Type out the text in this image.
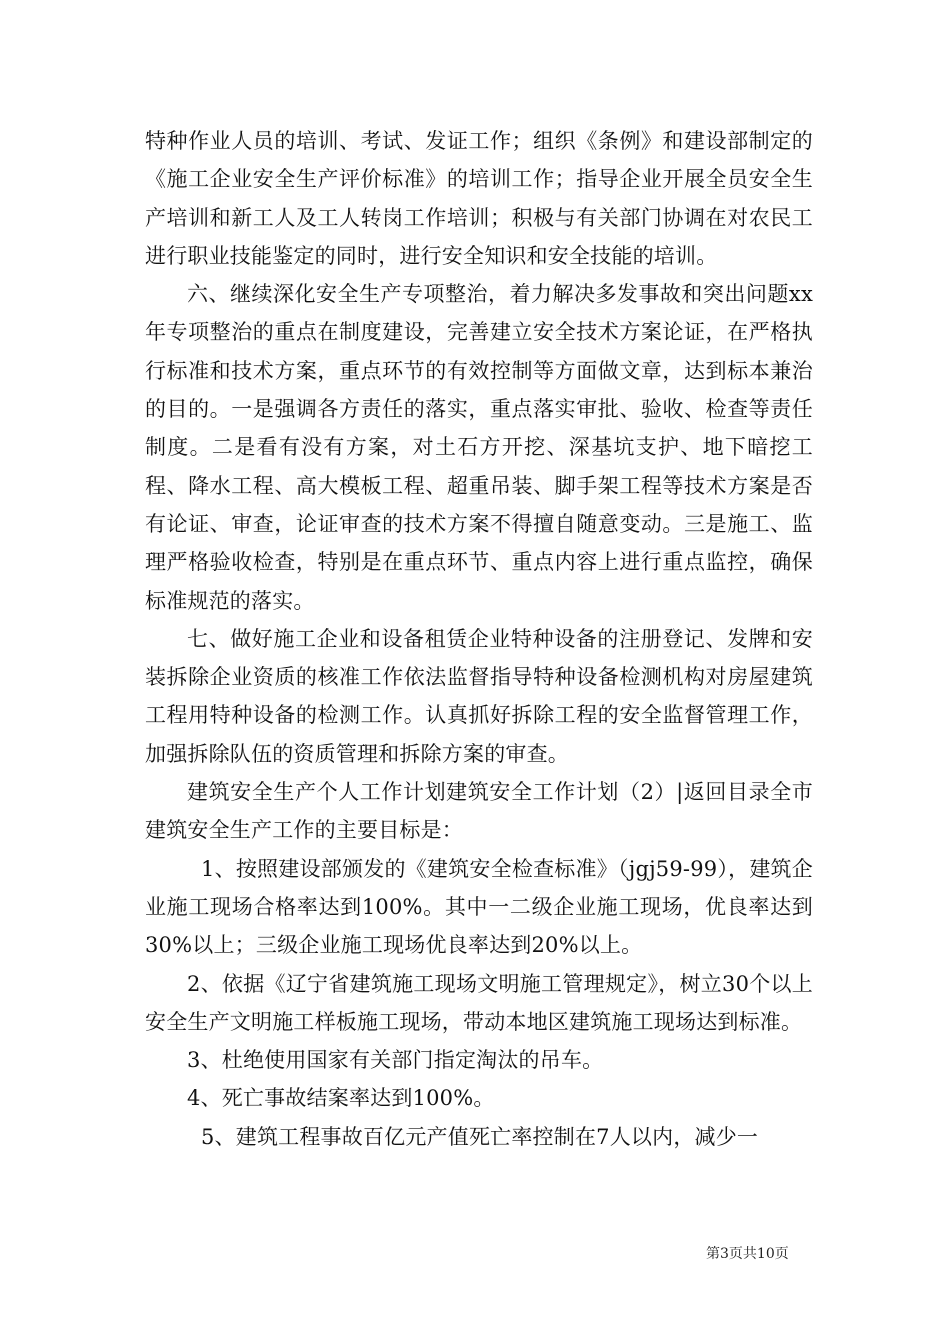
特种作业人员的培训、考试、发证工作；组织《条例》和建设部制定的《施工企业安全生产评价标准》的培训工作；指导企业开展全员安全生产培训和新工人及工人转岗工作培训；积极与有关部门协调在对农民工进行职业技能鉴定的同时，进行安全知识和安全技能的培训。

六、继续深化安全生产专项整治，着力解决多发事故和突出问题xx年专项整治的重点在制度建设，完善建立安全技术方案论证，在严格执行标准和技术方案，重点环节的有效控制等方面做文章，达到标本兼治的目的。一是强调各方责任的落实，重点落实审批、验收、检查等责任制度。二是看有没有方案，对土石方开挖、深基坑支护、地下暗挖工程、降水工程、高大模板工程、超重吊装、脚手架工程等技术方案是否有论证、审查，论证审查的技术方案不得擅自随意变动。三是施工、监理严格验收检查，特别是在重点环节、重点内容上进行重点监控，确保标准规范的落实。

七、做好施工企业和设备租赁企业特种设备的注册登记、发牌和安装拆除企业资质的核准工作依法监督指导特种设备检测机构对房屋建筑工程用特种设备的检测工作。认真抓好拆除工程的安全监督管理工作，加强拆除队伍的资质管理和拆除方案的审查。

建筑安全生产个人工作计划建筑安全工作计划（2）|返回目录全市建筑安全生产工作的主要目标是：

1、按照建设部颁发的《建筑安全检查标准》（jgj59-99），建筑企业施工现场合格率达到100%。其中一二级企业施工现场，优良率达到30%以上；三级企业施工现场优良率达到20%以上。

2、依据《辽宁省建筑施工现场文明施工管理规定》，树立30个以上安全生产文明施工样板施工现场，带动本地区建筑施工现场达到标准。

3、杜绝使用国家有关部门指定淘汰的吊车。

4、死亡事故结案率达到100%。

5、建筑工程事故百亿元产值死亡率控制在7人以内，减少一

第3页共10页
